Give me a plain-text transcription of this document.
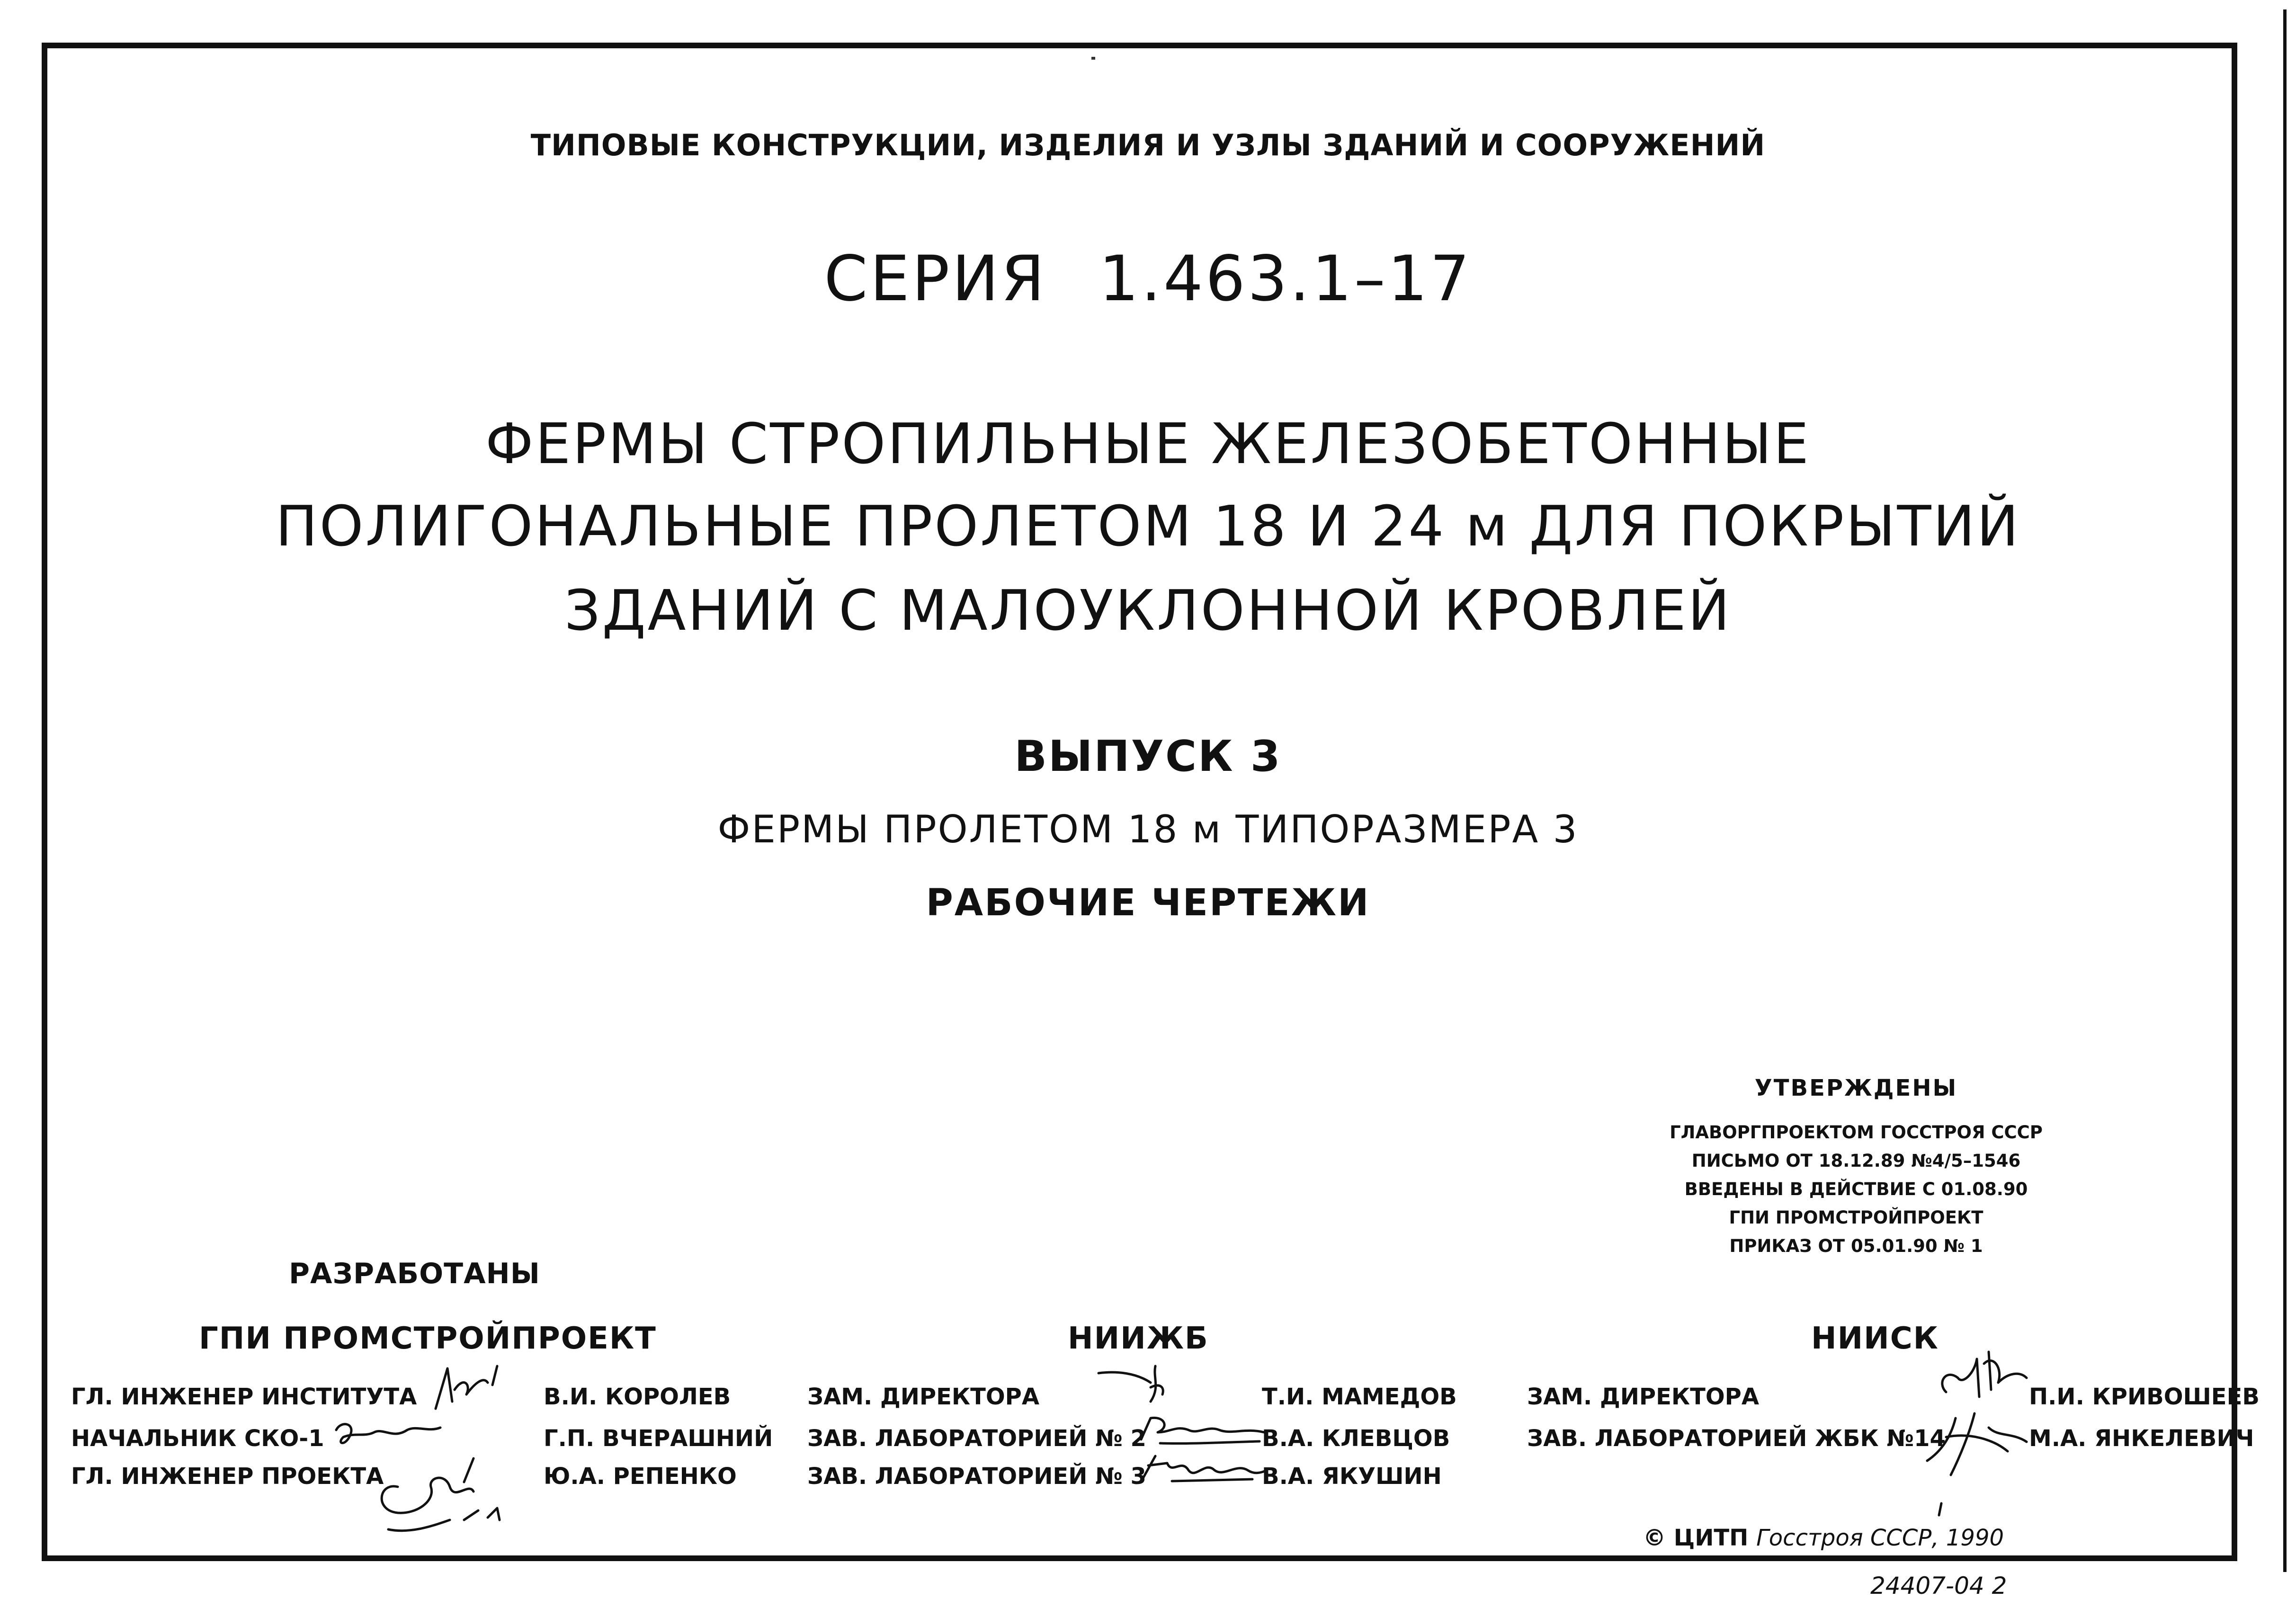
ТИПОВЫЕ КОНСТРУКЦИИ, ИЗДЕЛИЯ И УЗЛЫ ЗДАНИЙ И СООРУЖЕНИЙ
СЕРИЯ 1.463.1–17
ФЕРМЫ СТРОПИЛЬНЫЕ ЖЕЛЕЗОБЕТОННЫЕ
ПОЛИГОНАЛЬНЫЕ ПРОЛЕТОМ 18 И 24 м ДЛЯ ПОКРЫТИЙ
ЗДАНИЙ С МАЛОУКЛОННОЙ КРОВЛЕЙ
ВЫПУСК 3
ФЕРМЫ ПРОЛЕТОМ 18 м ТИПОРАЗМЕРА 3
РАБОЧИЕ ЧЕРТЕЖИ
УТВЕРЖДЕНЫ
ГЛАВОРГПРОЕКТОМ ГОССТРОЯ СССР
ПИСЬМО ОТ 18.12.89 №4/5–1546
ВВЕДЕНЫ В ДЕЙСТВИЕ С 01.08.90
ГПИ ПРОМСТРОЙПРОЕКТ
ПРИКАЗ ОТ 05.01.90 № 1
РАЗРАБОТАНЫ
ГПИ ПРОМСТРОЙПРОЕКТ	НИИЖБ	НИИСК
ГЛ. ИНЖЕНЕР ИНСТИТУТА
НАЧАЛЬНИК СКО-1
ГЛ. ИНЖЕНЕР ПРОЕКТА
В.И. КОРОЛЕВ
Г.П. ВЧЕРАШНИЙ
Ю.А. РЕПЕНКО
ЗАМ. ДИРЕКТОРА
ЗАВ. ЛАБОРАТОРИЕЙ № 2
ЗАВ. ЛАБОРАТОРИЕЙ № 3
Т.И. МАМЕДОВ
В.А. КЛЕВЦОВ
В.А. ЯКУШИН
ЗАМ. ДИРЕКТОРА
ЗАВ. ЛАБОРАТОРИЕЙ ЖБК №14
П.И. КРИВОШЕЕВ
М.А. ЯНКЕЛЕВИЧ
© ЦИТП Госстроя СССР, 1990
24407-04 2
